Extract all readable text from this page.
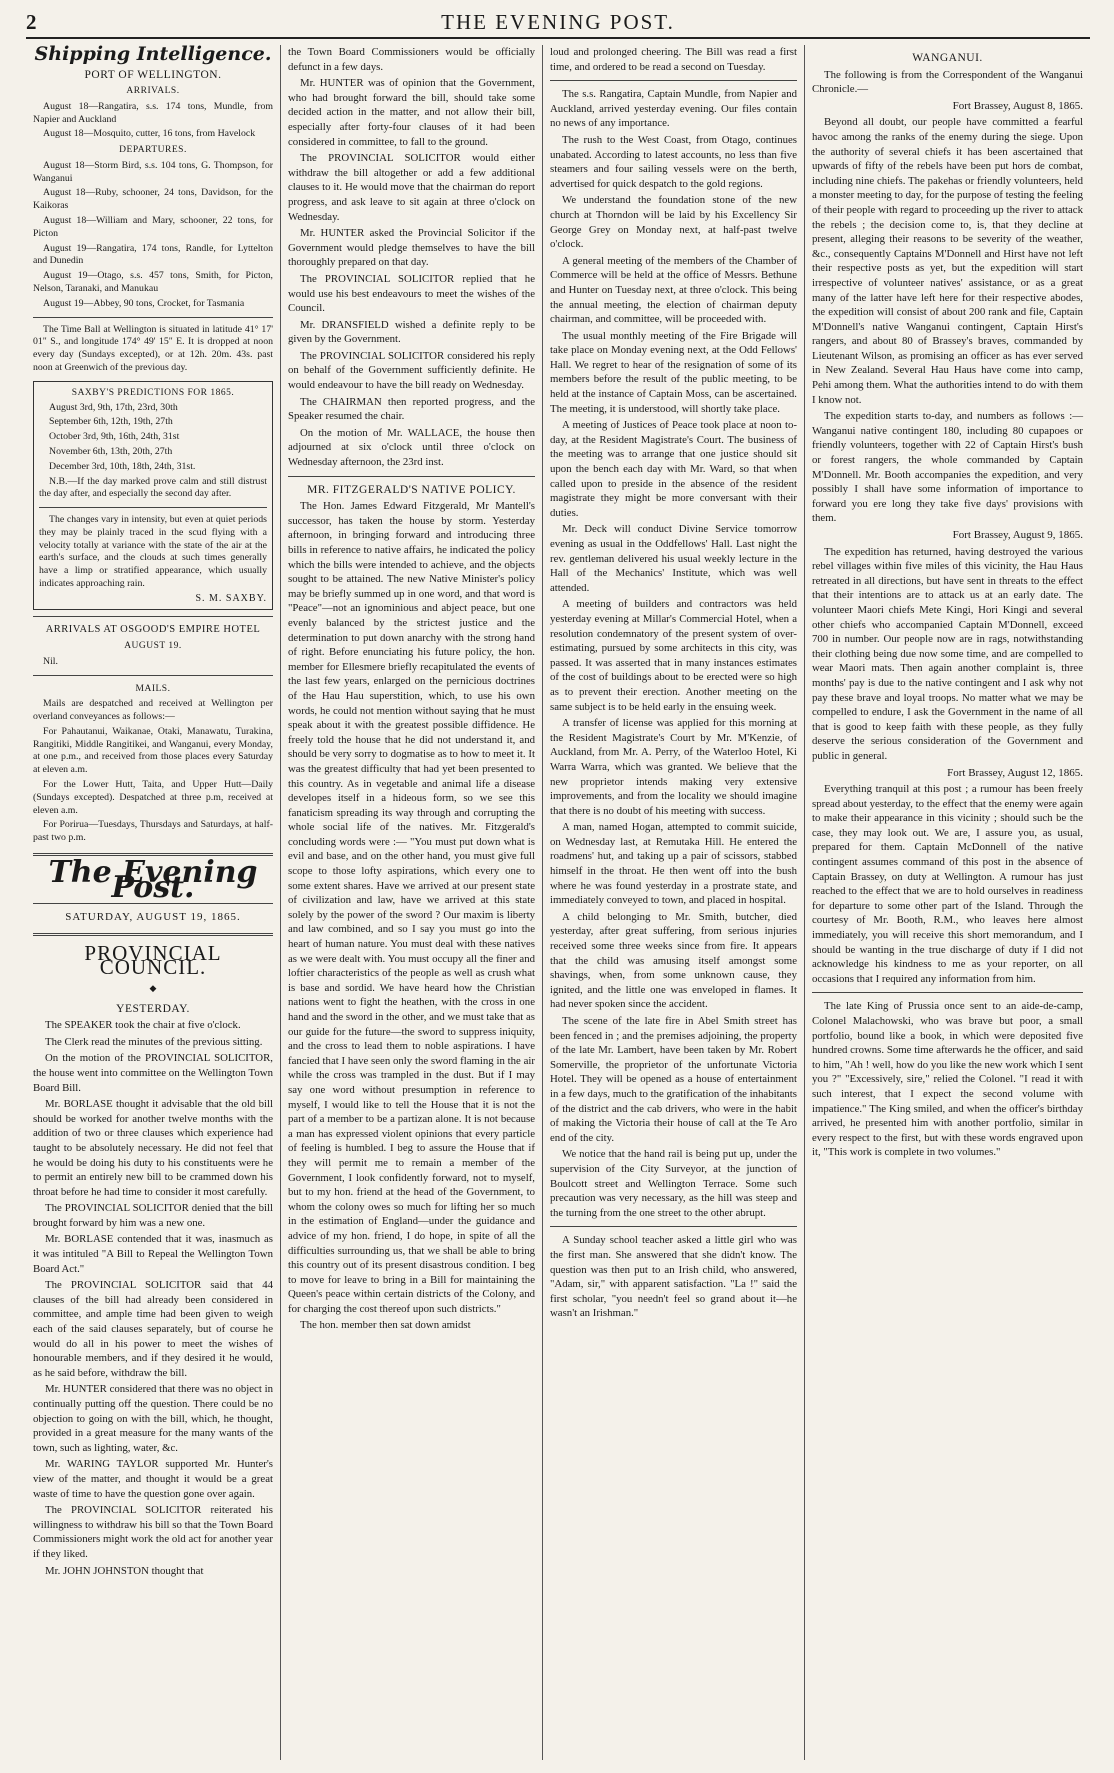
2	THE EVENING POST.
Shipping Intelligence.
PORT OF WELLINGTON.
ARRIVALS.

August 18—Rangatira, s.s. 174 tons, Mundle, from Napier and Auckland

August 18—Mosquito, cutter, 16 tons, from Havelock

DEPARTURES.

August 18—Storm Bird, s.s. 104 tons, G. Thompson, for Wanganui

August 18—Ruby, schooner, 24 tons, Davidson, for the Kaikoras

August 18—William and Mary, schooner, 22 tons, for Picton

August 19—Rangatira, 174 tons, Randle, for Lyttelton and Dunedin

August 19—Otago, s.s. 457 tons, Smith, for Picton, Nelson, Taranaki, and Manukau

August 19—Abbey, 90 tons, Crocket, for Tasmania

The Time Ball at Wellington is situated in latitude 41° 17' 01" S., and longitude 174° 49' 15" E. It is dropped at noon every day (Sundays excepted), or at 12h. 20m. 43s. past noon at Greenwich of the previous day.

SAXBY'S PREDICTIONS FOR 1865.

August 3rd, 9th, 17th, 23rd, 30th

September 6th, 12th, 19th, 27th

October 3rd, 9th, 16th, 24th, 31st

November 6th, 13th, 20th, 27th

December 3rd, 10th, 18th, 24th, 31st.

N.B.—If the day marked prove calm and still distrust the day after, and especially the second day after.

The changes vary in intensity, but even at quiet periods they may be plainly traced in the scud flying with a velocity totally at variance with the state of the air at the earth's surface, and the clouds at such times generally have a limp or stratified appearance, which usually indicates approaching rain.

S. M. SAXBY.
ARRIVALS AT OSGOOD'S EMPIRE HOTEL
AUGUST 19.

Nil.

MAILS.

Mails are despatched and received at Wellington per overland conveyances as follows:—

For Pahautanui, Waikanae, Otaki, Manawatu, Turakina, Rangitiki, Middle Rangitikei, and Wanganui, every Monday, at one p.m., and received from those places every Saturday at eleven a.m.

For the Lower Hutt, Taita, and Upper Hutt—Daily (Sundays excepted). Despatched at three p.m, received at eleven a.m.

For Porirua—Tuesdays, Thursdays and Saturdays, at half-past two p.m.

The Evening Post.
SATURDAY, AUGUST 19, 1865.
PROVINCIAL COUNCIL.
◆
YESTERDAY.

The SPEAKER took the chair at five o'clock.

The Clerk read the minutes of the previous sitting.

On the motion of the PROVINCIAL SOLICITOR, the house went into committee on the Wellington Town Board Bill.

Mr. BORLASE thought it advisable that the old bill should be worked for another twelve months with the addition of two or three clauses which experience had taught to be absolutely necessary. He did not feel that he would be doing his duty to his constituents were he to permit an entirely new bill to be crammed down his throat before he had time to consider it most carefully.

The PROVINCIAL SOLICITOR denied that the bill brought forward by him was a new one.

Mr. BORLASE contended that it was, inasmuch as it was intituled "A Bill to Repeal the Wellington Town Board Act."

The PROVINCIAL SOLICITOR said that 44 clauses of the bill had already been considered in committee, and ample time had been given to weigh each of the said clauses separately, but of course he would do all in his power to meet the wishes of honourable members, and if they desired it he would, as he said before, withdraw the bill.

Mr. HUNTER considered that there was no object in continually putting off the question. There could be no objection to going on with the bill, which, he thought, provided in a great measure for the many wants of the town, such as lighting, water, &c.

Mr. WARING TAYLOR supported Mr. Hunter's view of the matter, and thought it would be a great waste of time to have the question gone over again.

The PROVINCIAL SOLICITOR reiterated his willingness to withdraw his bill so that the Town Board Commissioners might work the old act for another year if they liked.

Mr. JOHN JOHNSTON thought that

the Town Board Commissioners would be officially defunct in a few days.

Mr. HUNTER was of opinion that the Government, who had brought forward the bill, should take some decided action in the matter, and not allow their bill, especially after forty-four clauses of it had been considered in committee, to fall to the ground.

The PROVINCIAL SOLICITOR would either withdraw the bill altogether or add a few additional clauses to it. He would move that the chairman do report progress, and ask leave to sit again at three o'clock on Wednesday.

Mr. HUNTER asked the Provincial Solicitor if the Government would pledge themselves to have the bill thoroughly prepared on that day.

The PROVINCIAL SOLICITOR replied that he would use his best endeavours to meet the wishes of the Council.

Mr. DRANSFIELD wished a definite reply to be given by the Government.

The PROVINCIAL SOLICITOR considered his reply on behalf of the Government sufficiently definite. He would endeavour to have the bill ready on Wednesday.

The CHAIRMAN then reported progress, and the Speaker resumed the chair.

On the motion of Mr. WALLACE, the house then adjourned at six o'clock until three o'clock on Wednesday afternoon, the 23rd inst.

MR. FITZGERALD'S NATIVE POLICY.

The Hon. James Edward Fitzgerald, Mr Mantell's successor, has taken the house by storm. Yesterday afternoon, in bringing forward and introducing three bills in reference to native affairs, he indicated the policy which the bills were intended to achieve, and the objects sought to be attained. The new Native Minister's policy may be briefly summed up in one word, and that word is "Peace"—not an ignominious and abject peace, but one evenly balanced by the strictest justice and the determination to put down anarchy with the strong hand of right. Before enunciating his future policy, the hon. member for Ellesmere briefly recapitulated the events of the last few years, enlarged on the pernicious doctrines of the Hau Hau superstition, which, to use his own words, he could not mention without saying that he must speak about it with the greatest possible diffidence. He freely told the house that he did not understand it, and should be very sorry to dogmatise as to how to meet it. It was the greatest difficulty that had yet been presented to this country. As in vegetable and animal life a disease developes itself in a hideous form, so we see this fanaticism spreading its way through and corrupting the whole social life of the natives. Mr. Fitzgerald's concluding words were :— "You must put down what is evil and base, and on the other hand, you must give full scope to those lofty aspirations, which every one to some extent shares. Have we arrived at our present state of civilization and law, have we arrived at this state solely by the power of the sword ? Our maxim is liberty and law combined, and so I say you must go into the heart of human nature. You must deal with these natives as we were dealt with. You must occupy all the finer and loftier characteristics of the people as well as crush what is base and sordid. We have heard how the Christian nations went to fight the heathen, with the cross in one hand and the sword in the other, and we must take that as our guide for the future—the sword to suppress iniquity, and the cross to lead them to noble aspirations. I have fancied that I have seen only the sword flaming in the air while the cross was trampled in the dust. But if I may say one word without presumption in reference to myself, I would like to tell the House that it is not the part of a member to be a partizan alone. It is not because a man has expressed violent opinions that every particle of feeling is humbled. I beg to assure the House that if they will permit me to remain a member of the Government, I look confidently forward, not to myself, but to my hon. friend at the head of the Government, to whom the colony owes so much for lifting her so much in the estimation of England—under the guidance and advice of my hon. friend, I do hope, in spite of all the difficulties surrounding us, that we shall be able to bring this country out of its present disastrous condition. I beg to move for leave to bring in a Bill for maintaining the Queen's peace within certain districts of the Colony, and for charging the cost thereof upon such districts."

The hon. member then sat down amidst

loud and prolonged cheering. The Bill was read a first time, and ordered to be read a second on Tuesday.

The s.s. Rangatira, Captain Mundle, from Napier and Auckland, arrived yesterday evening. Our files contain no news of any importance.

The rush to the West Coast, from Otago, continues unabated. According to latest accounts, no less than five steamers and four sailing vessels were on the berth, advertised for quick despatch to the gold regions.

We understand the foundation stone of the new church at Thorndon will be laid by his Excellency Sir George Grey on Monday next, at half-past twelve o'clock.

A general meeting of the members of the Chamber of Commerce will be held at the office of Messrs. Bethune and Hunter on Tuesday next, at three o'clock. This being the annual meeting, the election of chairman deputy chairman, and committee, will be proceeded with.

The usual monthly meeting of the Fire Brigade will take place on Monday evening next, at the Odd Fellows' Hall. We regret to hear of the resignation of some of its members before the result of the public meeting, to be held at the instance of Captain Moss, can be ascertained. The meeting, it is understood, will shortly take place.

A meeting of Justices of Peace took place at noon to-day, at the Resident Magistrate's Court. The business of the meeting was to arrange that one justice should sit upon the bench each day with Mr. Ward, so that when called upon to preside in the absence of the resident magistrate they might be more conversant with their duties.

Mr. Deck will conduct Divine Service tomorrow evening as usual in the Oddfellows' Hall. Last night the rev. gentleman delivered his usual weekly lecture in the Hall of the Mechanics' Institute, which was well attended.

A meeting of builders and contractors was held yesterday evening at Millar's Commercial Hotel, when a resolution condemnatory of the present system of over-estimating, pursued by some architects in this city, was passed. It was asserted that in many instances estimates of the cost of buildings about to be erected were so high as to prevent their erection. Another meeting on the same subject is to be held early in the ensuing week.

A transfer of license was applied for this morning at the Resident Magistrate's Court by Mr. M'Kenzie, of Auckland, from Mr. A. Perry, of the Waterloo Hotel, Ki Warra Warra, which was granted. We believe that the new proprietor intends making very extensive improvements, and from the locality we should imagine that there is no doubt of his meeting with success.

A man, named Hogan, attempted to commit suicide, on Wednesday last, at Remutaka Hill. He entered the roadmens' hut, and taking up a pair of scissors, stabbed himself in the throat. He then went off into the bush where he was found yesterday in a prostrate state, and immediately conveyed to town, and placed in hospital.

A child belonging to Mr. Smith, butcher, died yesterday, after great suffering, from serious injuries received some three weeks since from fire. It appears that the child was amusing itself amongst some shavings, when, from some unknown cause, they ignited, and the little one was enveloped in flames. It had never spoken since the accident.

The scene of the late fire in Abel Smith street has been fenced in ; and the premises adjoining, the property of the late Mr. Lambert, have been taken by Mr. Robert Somerville, the proprietor of the unfortunate Victoria Hotel. They will be opened as a house of entertainment in a few days, much to the gratification of the inhabitants of the district and the cab drivers, who were in the habit of making the Victoria their house of call at the Te Aro end of the city.

We notice that the hand rail is being put up, under the supervision of the City Surveyor, at the junction of Boulcott street and Wellington Terrace. Some such precaution was very necessary, as the hill was steep and the turning from the one street to the other abrupt.

A Sunday school teacher asked a little girl who was the first man. She answered that she didn't know. The question was then put to an Irish child, who answered, "Adam, sir," with apparent satisfaction. "La !" said the first scholar, "you needn't feel so grand about it—he wasn't an Irishman."

WANGANUI.

The following is from the Correspondent of the Wanganui Chronicle.—

Fort Brassey, August 8, 1865.

Beyond all doubt, our people have committed a fearful havoc among the ranks of the enemy during the siege. Upon the authority of several chiefs it has been ascertained that upwards of fifty of the rebels have been put hors de combat, including nine chiefs. The pakehas or friendly volunteers, held a monster meeting to day, for the purpose of testing the feeling of their people with regard to proceeding up the river to attack the rebels ; the decision come to, is, that they decline at present, alleging their reasons to be severity of the weather, &c., consequently Captains M'Donnell and Hirst have not left their respective posts as yet, but the expedition will start irrespective of volunteer natives' assistance, or as a great many of the latter have left here for their respective abodes, the expedition will consist of about 200 rank and file, Captain M'Donnell's native Wanganui contingent, Captain Hirst's rangers, and about 80 of Brassey's braves, commanded by Lieutenant Wilson, as promising an officer as has ever served in New Zealand. Several Hau Haus have come into camp, Pehi among them. What the authorities intend to do with them I know not.

The expedition starts to-day, and numbers as follows :—Wanganui native contingent 180, including 80 cupapoes or friendly volunteers, together with 22 of Captain Hirst's bush or forest rangers, the whole commanded by Captain M'Donnell. Mr. Booth accompanies the expedition, and very possibly I shall have some information of importance to forward you ere long they take five days' provisions with them.

Fort Brassey, August 9, 1865.

The expedition has returned, having destroyed the various rebel villages within five miles of this vicinity, the Hau Haus retreated in all directions, but have sent in threats to the effect that their intentions are to attack us at an early date. The volunteer Maori chiefs Mete Kingi, Hori Kingi and several other chiefs who accompanied Captain M'Donnell, exceed 700 in number. Our people now are in rags, notwithstanding their clothing being due now some time, and are compelled to wear Maori mats. Then again another complaint is, three months' pay is due to the native contingent and I ask why not pay these brave and loyal troops. No matter what we may be compelled to endure, I ask the Government in the name of all that is good to keep faith with these people, as they fully deserve the serious consideration of the Government and public in general.

Fort Brassey, August 12, 1865.

Everything tranquil at this post ; a rumour has been freely spread about yesterday, to the effect that the enemy were again to make their appearance in this vicinity ; should such be the case, they may look out. We are, I assure you, as usual, prepared for them. Captain McDonnell of the native contingent assumes command of this post in the absence of Captain Brassey, on duty at Wellington. A rumour has just reached to the effect that we are to hold ourselves in readiness for departure to some other part of the Island. Through the courtesy of Mr. Booth, R.M., who leaves here almost immediately, you will receive this short memorandum, and I should be wanting in the true discharge of duty if I did not acknowledge his kindness to me as your reporter, on all occasions that I required any information from him.

The late King of Prussia once sent to an aide-de-camp, Colonel Malachowski, who was brave but poor, a small portfolio, bound like a book, in which were deposited five hundred crowns. Some time afterwards he the officer, and said to him, "Ah ! well, how do you like the new work which I sent you ?" "Excessively, sire," relied the Colonel. "I read it with such interest, that I expect the second volume with impatience." The King smiled, and when the officer's birthday arrived, he presented him with another portfolio, similar in every respect to the first, but with these words engraved upon it, "This work is complete in two volumes."
